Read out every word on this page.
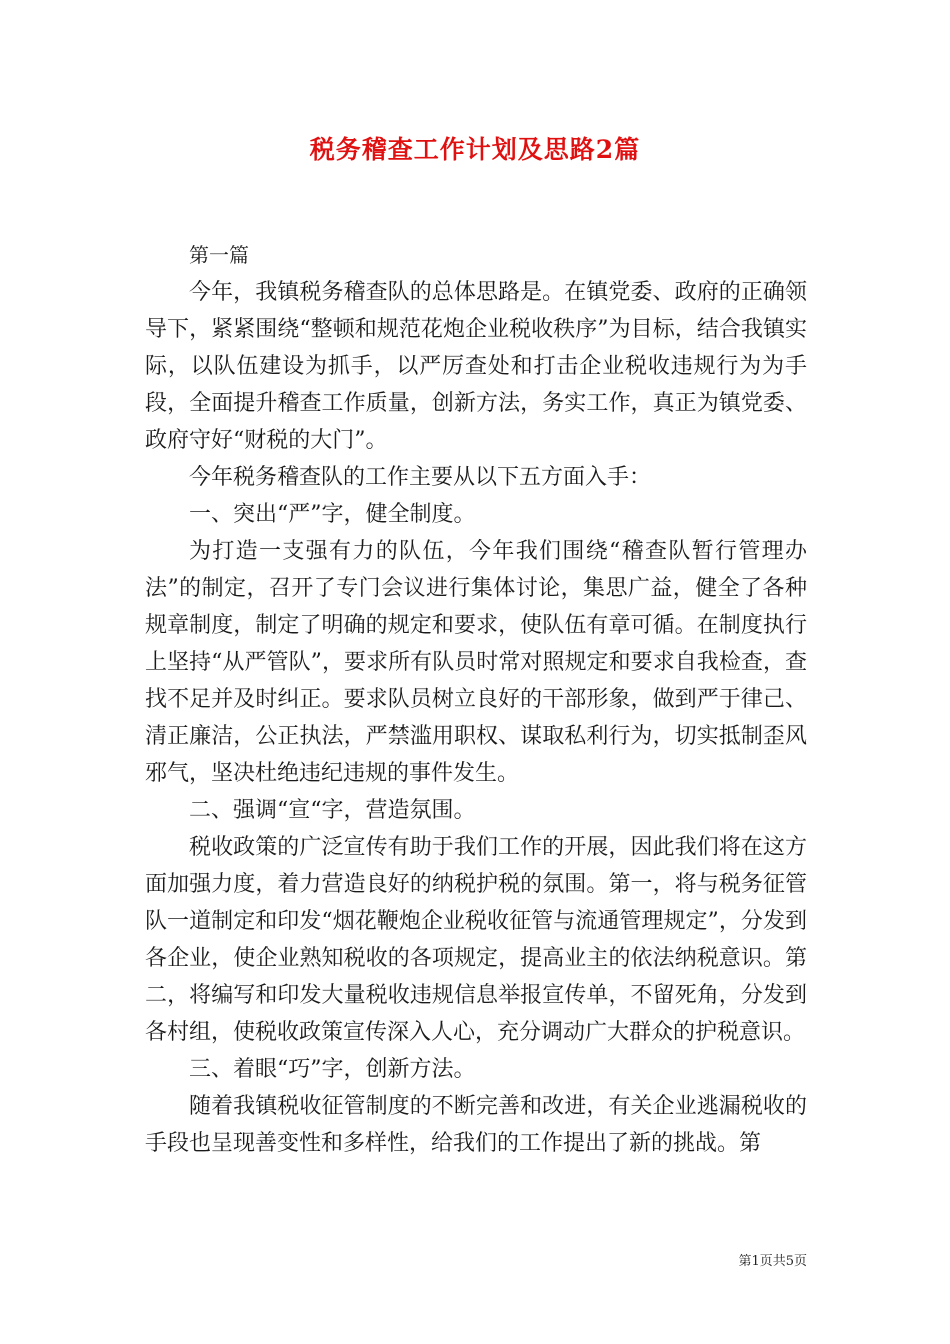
税务稽查工作计划及思路2篇

第一篇

今年，我镇税务稽查队的总体思路是。在镇党委、政府的正确领导下，紧紧围绕“整顿和规范花炮企业税收秩序”为目标，结合我镇实际，以队伍建设为抓手，以严厉查处和打击企业税收违规行为为手段，全面提升稽查工作质量，创新方法，务实工作，真正为镇党委、政府守好“财税的大门”。

今年税务稽查队的工作主要从以下五方面入手：

一、突出“严”字，健全制度。

为打造一支强有力的队伍，今年我们围绕“稽查队暂行管理办法”的制定，召开了专门会议进行集体讨论，集思广益，健全了各种规章制度，制定了明确的规定和要求，使队伍有章可循。在制度执行上坚持“从严管队”，要求所有队员时常对照规定和要求自我检查，查找不足并及时纠正。要求队员树立良好的干部形象，做到严于律己、清正廉洁，公正执法，严禁滥用职权、谋取私利行为，切实抵制歪风邪气，坚决杜绝违纪违规的事件发生。

二、强调“宣“字，营造氛围。

税收政策的广泛宣传有助于我们工作的开展，因此我们将在这方面加强力度，着力营造良好的纳税护税的氛围。第一，将与税务征管队一道制定和印发“烟花鞭炮企业税收征管与流通管理规定”，分发到各企业，使企业熟知税收的各项规定，提高业主的依法纳税意识。第二，将编写和印发大量税收违规信息举报宣传单，不留死角，分发到各村组，使税收政策宣传深入人心，充分调动广大群众的护税意识。

三、着眼“巧”字，创新方法。

随着我镇税收征管制度的不断完善和改进，有关企业逃漏税收的手段也呈现善变性和多样性，给我们的工作提出了新的挑战。第

第1页共5页
